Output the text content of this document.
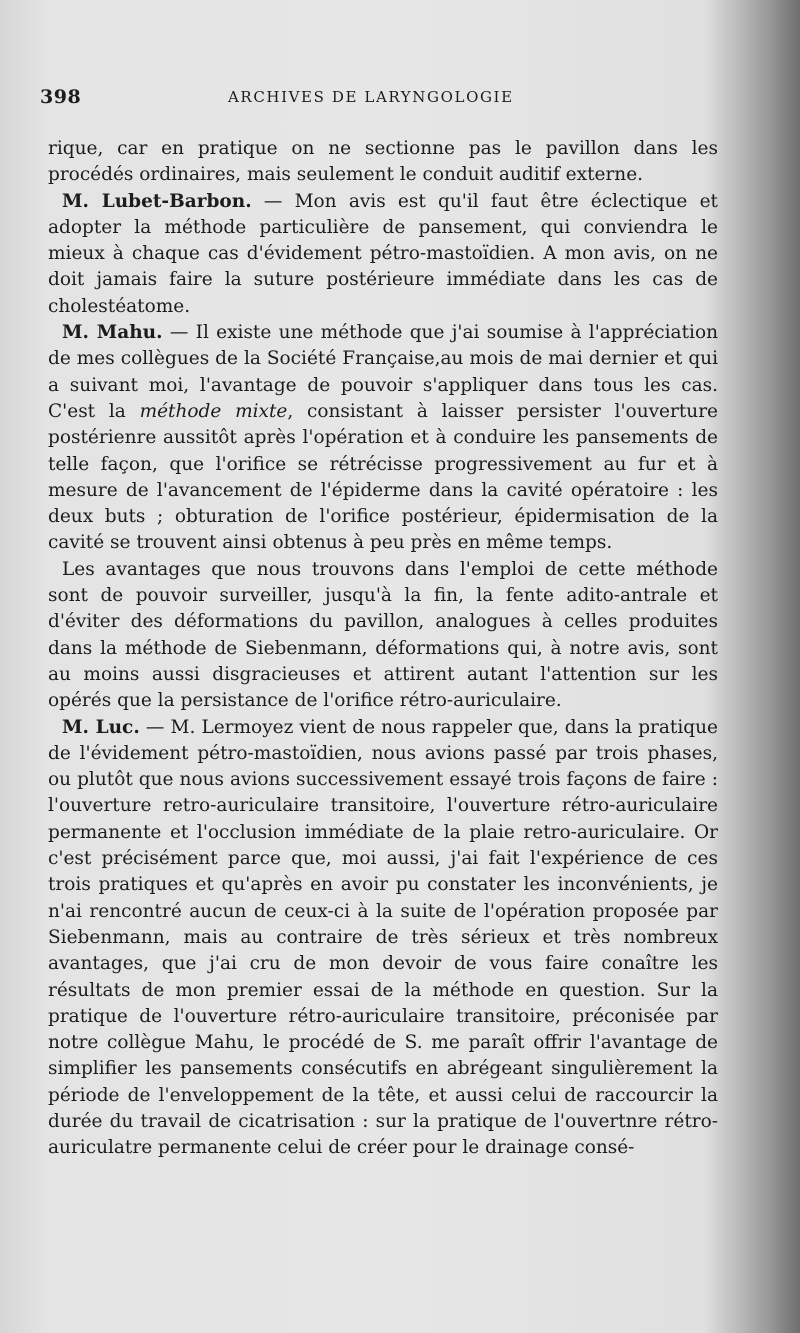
398	ARCHIVES DE LARYNGOLOGIE

rique, car en pratique on ne sectionne pas le pavillon dans les procédés ordinaires, mais seulement le conduit auditif externe.

M. Lubet-Barbon. — Mon avis est qu'il faut être éclectique et adopter la méthode particulière de pansement, qui conviendra le mieux à chaque cas d'évidement pétro-mastoïdien. A mon avis, on ne doit jamais faire la suture postérieure immédiate dans les cas de cholestéatome.

M. Mahu. — Il existe une méthode que j'ai soumise à l'appréciation de mes collègues de la Société Française,au mois de mai dernier et qui a suivant moi, l'avantage de pouvoir s'appliquer dans tous les cas. C'est la méthode mixte, consistant à laisser persister l'ouverture postérienre aussitôt après l'opération et à conduire les pansements de telle façon, que l'orifice se rétrécisse progressivement au fur et à mesure de l'avancement de l'épiderme dans la cavité opératoire : les deux buts ; obturation de l'orifice postérieur, épidermisation de la cavité se trouvent ainsi obtenus à peu près en même temps.

Les avantages que nous trouvons dans l'emploi de cette méthode sont de pouvoir surveiller, jusqu'à la fin, la fente adito-antrale et d'éviter des déformations du pavillon, analogues à celles produites dans la méthode de Siebenmann, déformations qui, à notre avis, sont au moins aussi disgracieuses et attirent autant l'attention sur les opérés que la persistance de l'orifice rétro-auriculaire.

M. Luc. — M. Lermoyez vient de nous rappeler que, dans la pratique de l'évidement pétro-mastoïdien, nous avions passé par trois phases, ou plutôt que nous avions successivement essayé trois façons de faire : l'ouverture retro-auriculaire transitoire, l'ouverture rétro-auriculaire permanente et l'occlusion immédiate de la plaie retro-auriculaire. Or c'est précisément parce que, moi aussi, j'ai fait l'expérience de ces trois pratiques et qu'après en avoir pu constater les inconvénients, je n'ai rencontré aucun de ceux-ci à la suite de l'opération proposée par Siebenmann, mais au contraire de très sérieux et très nombreux avantages, que j'ai cru de mon devoir de vous faire conaître les résultats de mon premier essai de la méthode en question. Sur la pratique de l'ouverture rétro-auriculaire transitoire, préconisée par notre collègue Mahu, le procédé de S. me paraît offrir l'avantage de simplifier les pansements consécutifs en abrégeant singulièrement la période de l'enveloppement de la tête, et aussi celui de raccourcir la durée du travail de cicatrisation : sur la pratique de l'ouvertnre rétro-auriculatre permanente celui de créer pour le drainage consé-
